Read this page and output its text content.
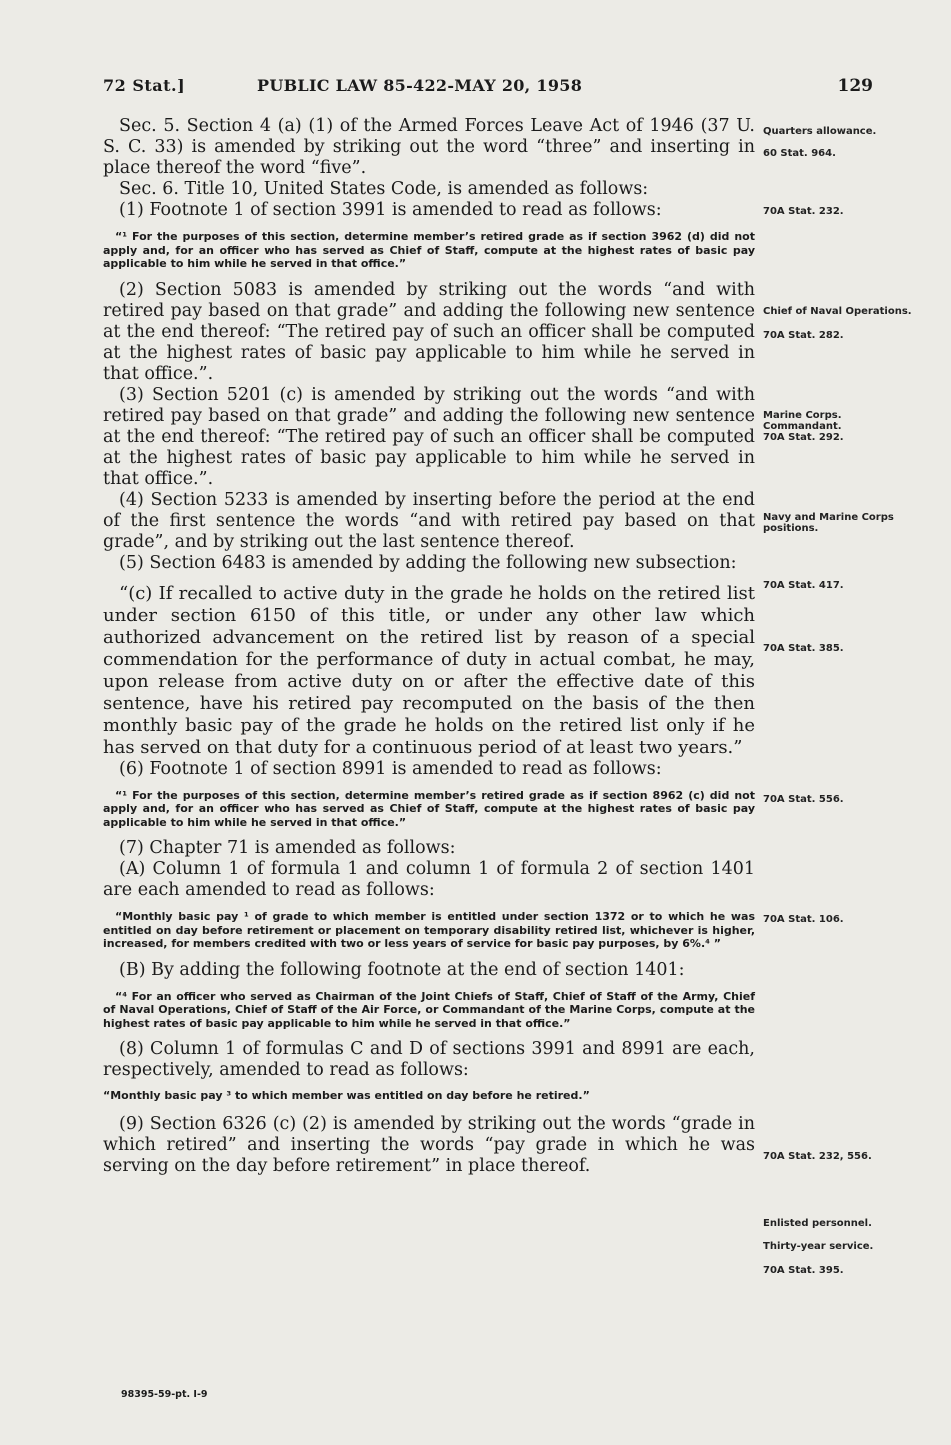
72 Stat.]	PUBLIC LAW 85-422-MAY 20, 1958	129

Sec. 5. Section 4 (a) (1) of the Armed Forces Leave Act of 1946 (37 U. S. C. 33) is amended by striking out the word “three” and inserting in place thereof the word “five”.

Sec. 6. Title 10, United States Code, is amended as follows:

(1) Footnote 1 of section 3991 is amended to read as follows:

“¹ For the purposes of this section, determine member’s retired grade as if section 3962 (d) did not apply and, for an officer who has served as Chief of Staff, compute at the highest rates of basic pay applicable to him while he served in that office.”

(2) Section 5083 is amended by striking out the words “and with retired pay based on that grade” and adding the following new sentence at the end thereof: “The retired pay of such an officer shall be computed at the highest rates of basic pay applicable to him while he served in that office.”.

(3) Section 5201 (c) is amended by striking out the words “and with retired pay based on that grade” and adding the following new sentence at the end thereof: “The retired pay of such an officer shall be computed at the highest rates of basic pay applicable to him while he served in that office.”.

(4) Section 5233 is amended by inserting before the period at the end of the first sentence the words “and with retired pay based on that grade”, and by striking out the last sentence thereof.

(5) Section 6483 is amended by adding the following new subsection:

“(c) If recalled to active duty in the grade he holds on the retired list under section 6150 of this title, or under any other law which authorized advancement on the retired list by reason of a special commendation for the performance of duty in actual combat, he may, upon release from active duty on or after the effective date of this sentence, have his retired pay recomputed on the basis of the then monthly basic pay of the grade he holds on the retired list only if he has served on that duty for a continuous period of at least two years.”

(6) Footnote 1 of section 8991 is amended to read as follows:

“¹ For the purposes of this section, determine member’s retired grade as if section 8962 (c) did not apply and, for an officer who has served as Chief of Staff, compute at the highest rates of basic pay applicable to him while he served in that office.”

(7) Chapter 71 is amended as follows:

(A) Column 1 of formula 1 and column 1 of formula 2 of section 1401 are each amended to read as follows:

“Monthly basic pay ¹ of grade to which member is entitled under section 1372 or to which he was entitled on day before retirement or placement on temporary disability retired list, whichever is higher, increased, for members credited with two or less years of service for basic pay purposes, by 6%.⁴ ”

(B) By adding the following footnote at the end of section 1401:

“⁴ For an officer who served as Chairman of the Joint Chiefs of Staff, Chief of Staff of the Army, Chief of Naval Operations, Chief of Staff of the Air Force, or Commandant of the Marine Corps, compute at the highest rates of basic pay applicable to him while he served in that office.”

(8) Column 1 of formulas C and D of sections 3991 and 8991 are each, respectively, amended to read as follows:

“Monthly basic pay ³ to which member was entitled on day before he retired.”

(9) Section 6326 (c) (2) is amended by striking out the words “grade in which retired” and inserting the words “pay grade in which he was serving on the day before retirement” in place thereof.

Quarters allowance.
60 Stat. 964.
70A Stat. 232.
Chief of Naval Operations.
70A Stat. 282.
Marine Corps. Commandant.
70A Stat. 292.
Navy and Marine Corps positions.
70A Stat. 417.
70A Stat. 385.
70A Stat. 556.
70A Stat. 106.
70A Stat. 232, 556.
Enlisted personnel.
Thirty-year service.
70A Stat. 395.
98395-59-pt. I-9
